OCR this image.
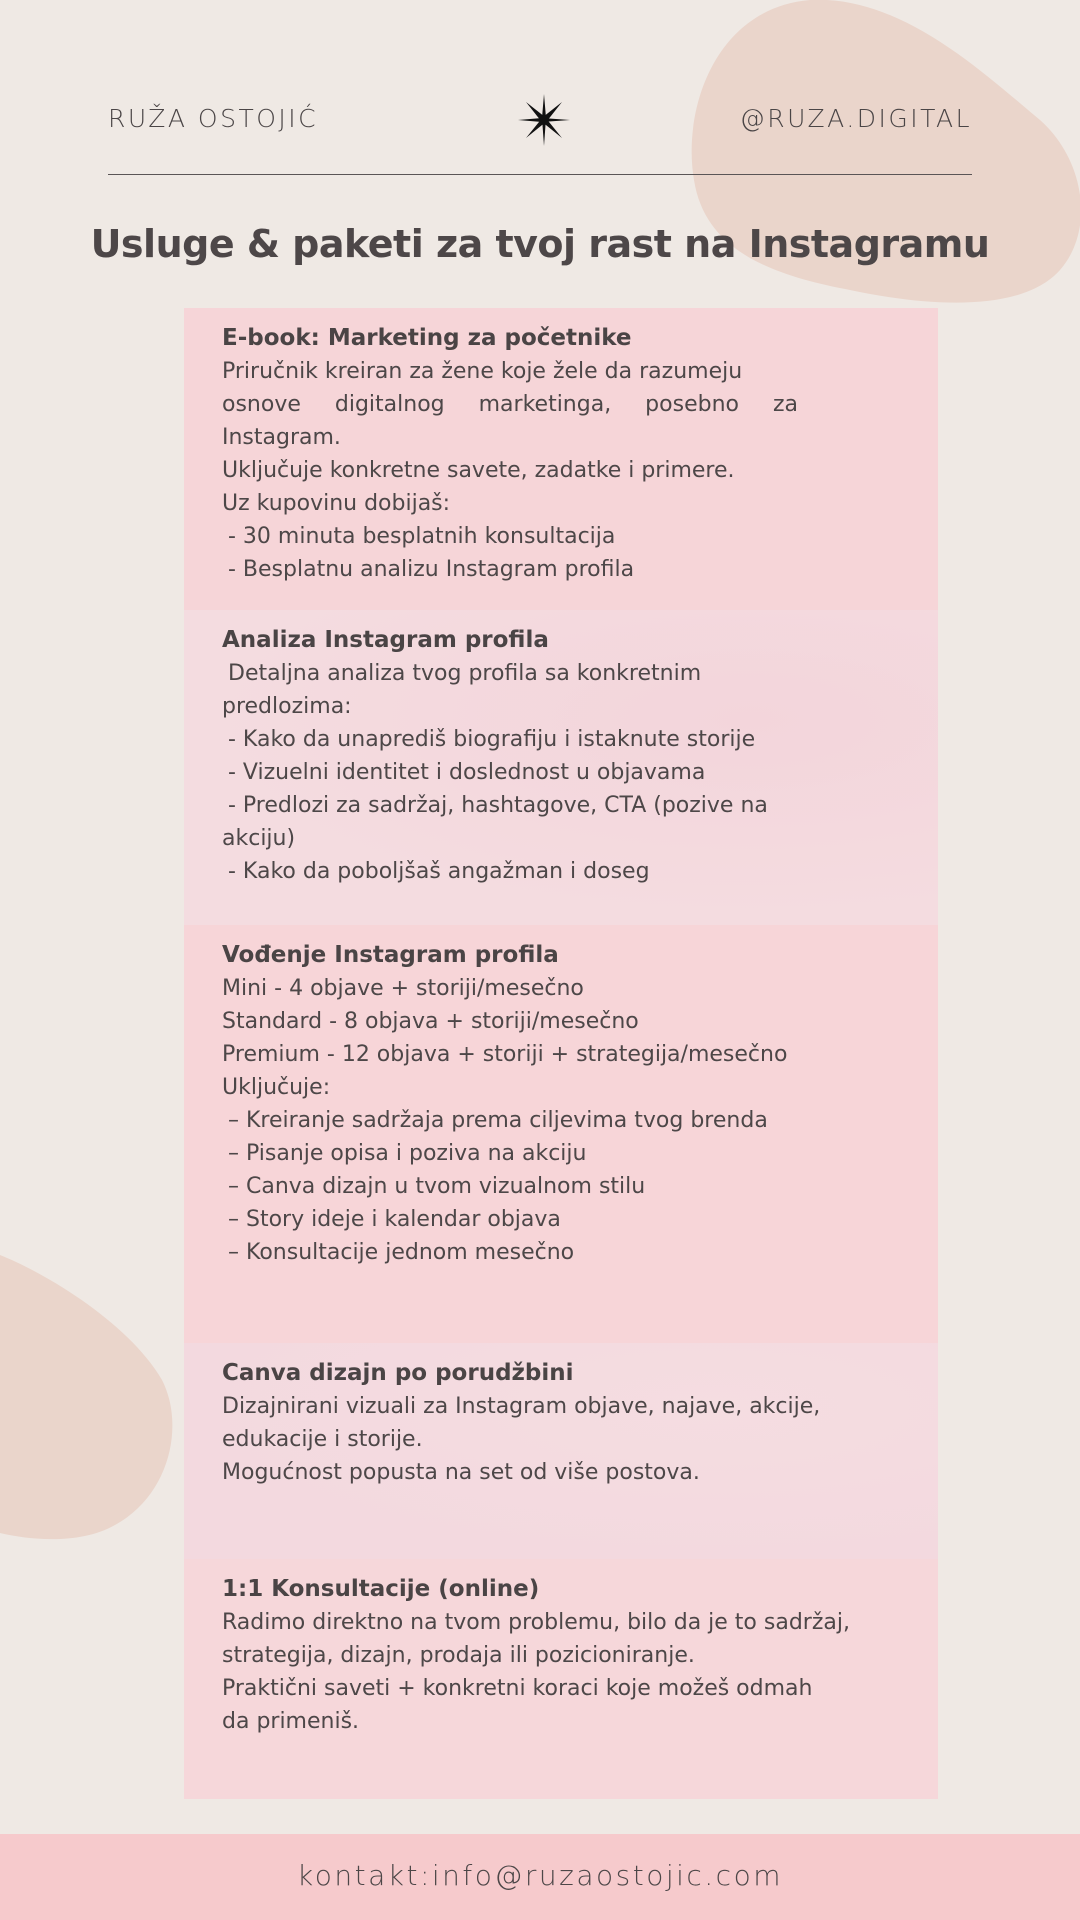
RUŽA OSTOJIĆ	@RUZA.DIGITAL
Usluge & paketi za tvoj rast na Instagramu
E-book: Marketing za početnike
Priručnik kreiran za žene koje žele da razumeju
osnove digitalnog marketinga, posebno za
Instagram.
Uključuje konkretne savete, zadatke i primere.
Uz kupovinu dobijaš:
- 30 minuta besplatnih konsultacija
- Besplatnu analizu Instagram profila
Analiza Instagram profila
Detaljna analiza tvog profila sa konkretnim
predlozima:
- Kako da unaprediš biografiju i istaknute storije
- Vizuelni identitet i doslednost u objavama
- Predlozi za sadržaj, hashtagove, CTA (pozive na
akciju)
- Kako da poboljšaš angažman i doseg
Vođenje Instagram profila
Mini - 4 objave + storiji/mesečno
Standard - 8 objava + storiji/mesečno
Premium - 12 objava + storiji + strategija/mesečno
Uključuje:
– Kreiranje sadržaja prema ciljevima tvog brenda
– Pisanje opisa i poziva na akciju
– Canva dizajn u tvom vizualnom stilu
– Story ideje i kalendar objava
– Konsultacije jednom mesečno
Canva dizajn po porudžbini
Dizajnirani vizuali za Instagram objave, najave, akcije,
edukacije i storije.
Mogućnost popusta na set od više postova.
1:1 Konsultacije (online)
Radimo direktno na tvom problemu, bilo da je to sadržaj,
strategija, dizajn, prodaja ili pozicioniranje.
Praktični saveti + konkretni koraci koje možeš odmah
da primeniš.
kontakt:info@ruzaostojic.com
